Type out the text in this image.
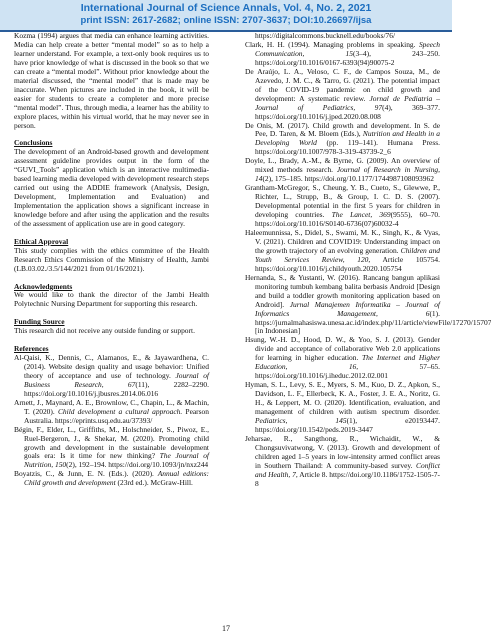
International Journal of Science Annals, Vol. 4, No. 2, 2021
print ISSN: 2617-2682; online ISSN: 2707-3637; DOI:10.26697/ijsa

Kozma (1994) argues that media can enhance learning activities. Media can help create a better “mental model” so as to help a learner understand. For example, a text-only book requires us to have prior knowledge of what is discussed in the book so that we can create a “mental model”. Without prior knowledge about the material discussed, the “mental model” that is made may be inaccurate. When pictures are included in the book, it will be easier for students to create a completer and more precise “mental model”. Thus, through media, a learner has the ability to explore places, within his virtual world, that he may never see in person.

Conclusions

The development of an Android-based growth and development assessment guideline provides output in the form of the “GUVI_Tools” application which is an interactive multimedia-based learning media developed with development research steps carried out using the ADDIE framework (Analysis, Design, Development, Implementation and Evaluation) and Implementation the application shows a significant increase in knowledge before and after using the application and the results of the assessment of application use are in good category.

Ethical Approval

This study complies with the ethics committee of the Health Research Ethics Commission of the Ministry of Health, Jambi (LB.03.02./3.5/144/2021 from 01/16/2021).

Acknowledgments

We would like to thank the director of the Jambi Health Polytechnic Nursing Department for supporting this research.

Funding Source

This research did not receive any outside funding or support.

References

Al-Qaisi, K., Dennis, C., Alamanos, E., & Jayawardhena, C. (2014). Website design quality and usage behavior: Unified theory of acceptance and use of technology. Journal of Business Research, 67(11), 2282–2290. https://doi.org/10.1016/j.jbusres.2014.06.016

Arnett, J., Maynard, A. E., Brownlow, C., Chapin, L., & Machin, T. (2020). Child development a cultural approach. Pearson Australia. https://eprints.usq.edu.au/37393/

Bégin, F., Elder, L., Griffiths, M., Holschneider, S., Piwoz, E., Ruel-Bergeron, J., & Shekar, M. (2020). Promoting child growth and development in the sustainable development goals era: Is it time for new thinking? The Journal of Nutrition, 150(2), 192–194. https://doi.org/10.1093/jn/nxz244

Boyatzis, C., & Junn, E. N. (Eds.). (2020). Annual editions: Child growth and development (23rd ed.). McGraw-Hill.

https://digitalcommons.bucknell.edu/books/76/

Clark, H. H. (1994). Managing problems in speaking. Speech Communication, 15(3–4), 243–250. https://doi.org/10.1016/0167-6393(94)90075-2

De Araújo, L. A., Veloso, C. F., de Campos Souza, M., de Azevedo, J. M. C., & Tarro, G. (2021). The potential impact of the COVID-19 pandemic on child growth and development: A systematic review. Jornal de Pediatria – Journal of Pediatrics, 97(4), 369–377. https://doi.org/10.1016/j.jped.2020.08.008

De Onis, M. (2017). Child growth and development. In S. de Pee, D. Taren, & M. Bloem (Eds.), Nutrition and Health in a Developing World (pp. 119–141). Humana Press. https://doi.org/10.1007/978-3-319-43739-2_6

Doyle, L., Brady, A.-M., & Byrne, G. (2009). An overview of mixed methods research. Journal of Research in Nursing, 14(2), 175–185. https://doi.org/10.1177/1744987108093962

Grantham-McGregor, S., Cheung, Y. B., Cueto, S., Glewwe, P., Richter, L., Strupp, B., & Group, I. C. D. S. (2007). Developmental potential in the first 5 years for children in developing countries. The Lancet, 369(9555), 60–70. https://doi.org/10.1016/S0140-6736(07)60032-4

Haleemunnissa, S., Didel, S., Swami, M. K., Singh, K., & Vyas, V. (2021). Children and COVID19: Understanding impact on the growth trajectory of an evolving generation. Children and Youth Services Review, 120, Article 105754. https://doi.org/10.1016/j.childyouth.2020.105754

Hernanda, S., & Yustanti, W. (2016). Rancang bangun aplikasi monitoring tumbuh kembang balita berbasis Android [Design and build a toddler growth monitoring application based on Android]. Jurnal Manajemen Informatika – Journal of Informatics Management, 6(1). https://jurnalmahasiswa.unesa.ac.id/index.php/11/article/viewFile/17270/15707 [in Indonesian]

Hsung, W.-H. D., Hood, D. W., & Yoo, S. J. (2013). Gender divide and acceptance of collaborative Web 2.0 applications for learning in higher education. The Internet and Higher Education, 16, 57–65. https://doi.org/10.1016/j.iheduc.2012.02.001

Hyman, S. L., Levy, S. E., Myers, S. M., Kuo, D. Z., Apkon, S., Davidson, L. F., Ellerbeck, K. A., Foster, J. E. A., Noritz, G. H., & Leppert, M. O. (2020). Identification, evaluation, and management of children with autism spectrum disorder. Pediatrics, 145(1), e20193447. https://doi.org/10.1542/peds.2019-3447

Jeharsae, R., Sangthong, R., Wichaidit, W., & Chongsuvivatwong, V. (2013). Growth and development of children aged 1–5 years in low-intensity armed conflict areas in Southern Thailand: A community-based survey. Conflict and Health, 7, Article 8. https://doi.org/10.1186/1752-1505-7-8

17
